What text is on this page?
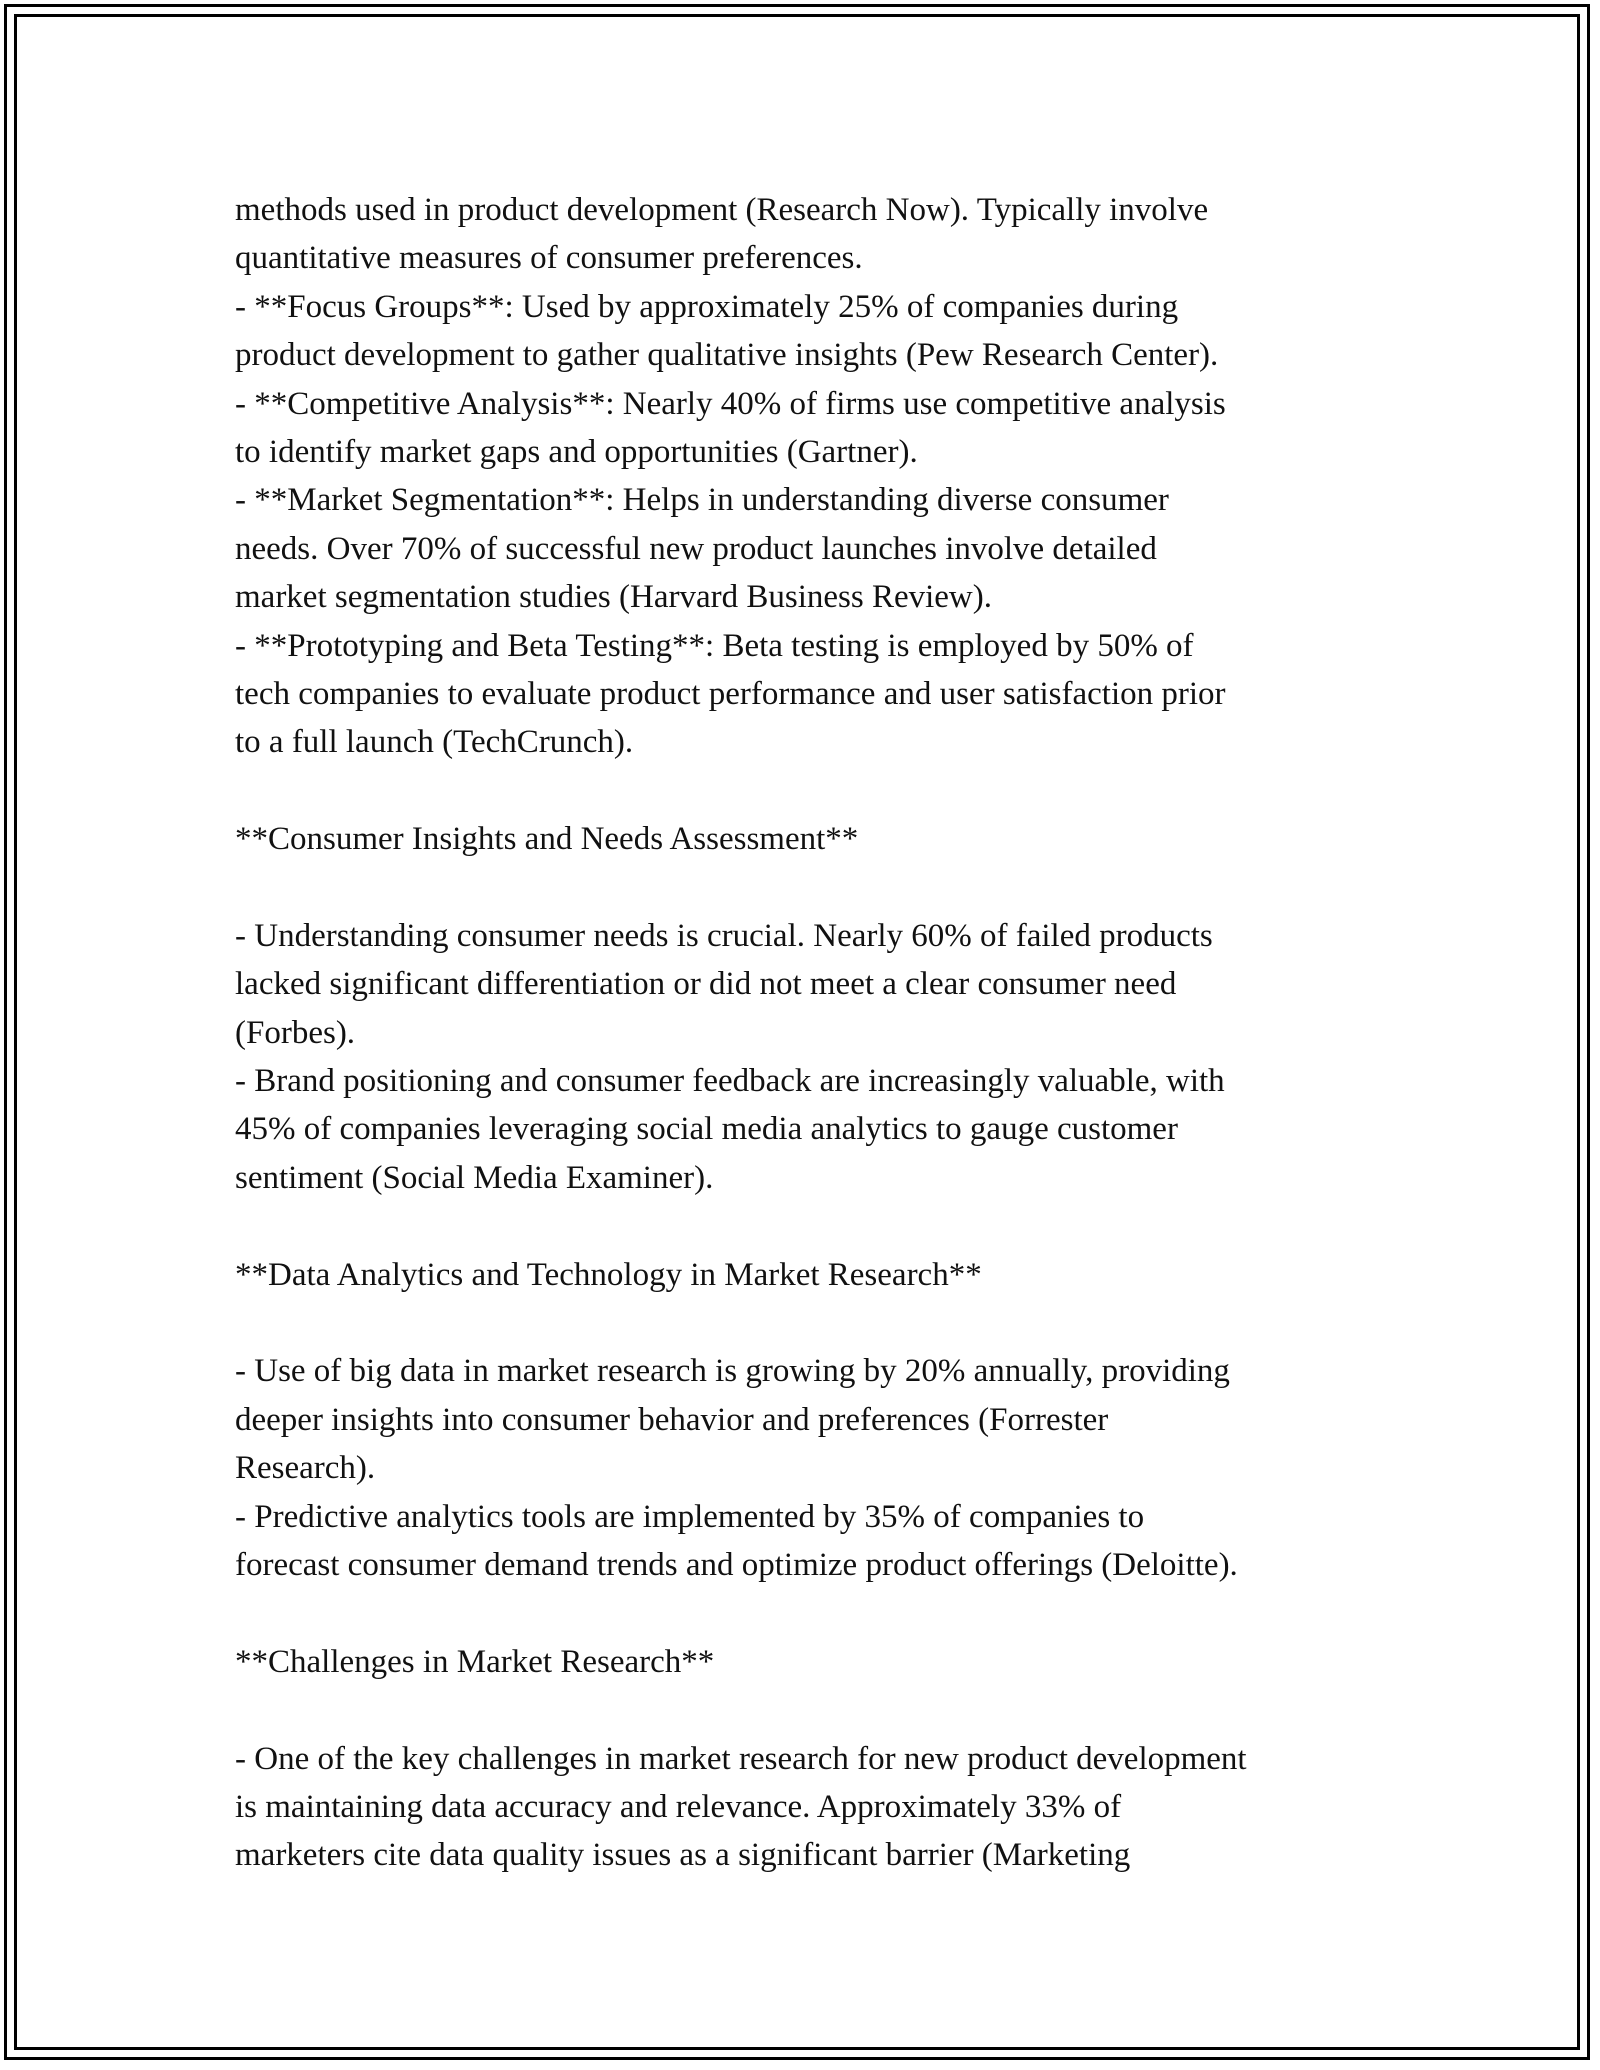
methods used in product development (Research Now). Typically involve

quantitative measures of consumer preferences.

- **Focus Groups**: Used by approximately 25% of companies during

product development to gather qualitative insights (Pew Research Center).

- **Competitive Analysis**: Nearly 40% of firms use competitive analysis

to identify market gaps and opportunities (Gartner).

- **Market Segmentation**: Helps in understanding diverse consumer

needs. Over 70% of successful new product launches involve detailed

market segmentation studies (Harvard Business Review).

- **Prototyping and Beta Testing**: Beta testing is employed by 50% of

tech companies to evaluate product performance and user satisfaction prior

to a full launch (TechCrunch).

**Consumer Insights and Needs Assessment**

- Understanding consumer needs is crucial. Nearly 60% of failed products

lacked significant differentiation or did not meet a clear consumer need

(Forbes).

- Brand positioning and consumer feedback are increasingly valuable, with

45% of companies leveraging social media analytics to gauge customer

sentiment (Social Media Examiner).

**Data Analytics and Technology in Market Research**

- Use of big data in market research is growing by 20% annually, providing

deeper insights into consumer behavior and preferences (Forrester

Research).

- Predictive analytics tools are implemented by 35% of companies to

forecast consumer demand trends and optimize product offerings (Deloitte).

**Challenges in Market Research**

- One of the key challenges in market research for new product development

is maintaining data accuracy and relevance. Approximately 33% of

marketers cite data quality issues as a significant barrier (Marketing
